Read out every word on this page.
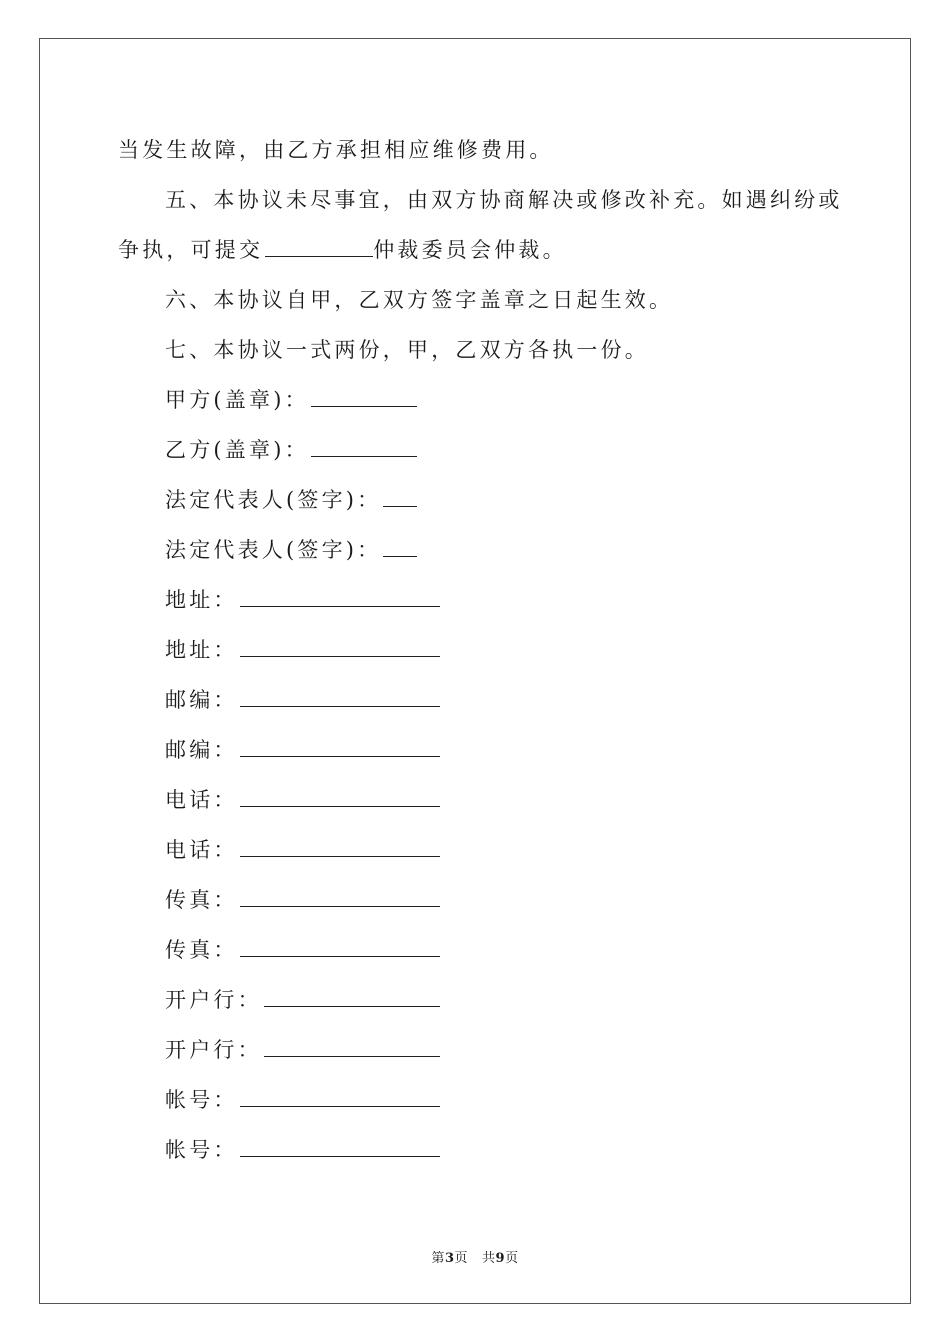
当发生故障，由乙方承担相应维修费用。
五、本协议未尽事宜，由双方协商解决或修改补充。如遇纠纷或
争执，可提交	仲裁委员会仲裁。
六、本协议自甲，乙双方签字盖章之日起生效。
七、本协议一式两份，甲，乙双方各执一份。
甲方(盖章)：
乙方(盖章)：
法定代表人(签字)：
法定代表人(签字)：
地址：
地址：
邮编：
邮编：
电话：
电话：
传真：
传真：
开户行：
开户行：
帐号：
帐号：
第3页 共9页
